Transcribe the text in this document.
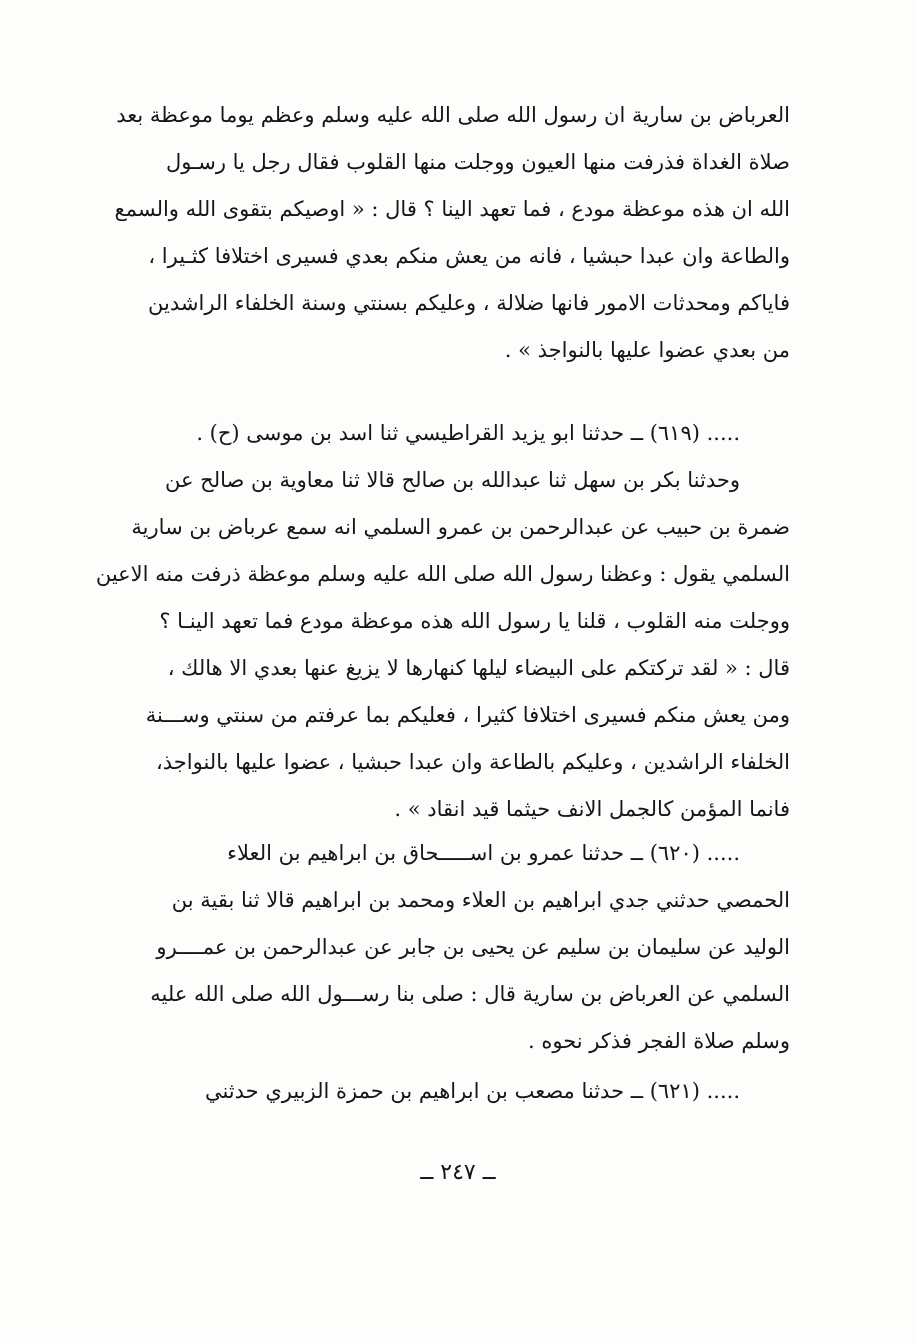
العرباض بن سارية ان رسول الله صلى الله عليه وسلم وعظم يوما موعظة بعد
صلاة الغداة فذرفت منها العيون ووجلت منها القلوب فقال رجل يا رسـول
الله ان هذه موعظة مودع ، فما تعهد الينا ؟ قال : « اوصيكم بتقوى الله والسمع
والطاعة وان عبدا حبشيا ، فانه من يعش منكم بعدي فسيرى اختلافا كثـيرا ،
فاياكم ومحدثات الامور فانها ضلالة ، وعليكم بسنتي وسنة الخلفاء الراشدين
من بعدي عضوا عليها بالنواجذ » .
..... (٦١٩) ــ حدثنا ابو يزيد القراطيسي ثنا اسد بن موسى (ح) .
وحدثنا بكر بن سهل ثنا عبدالله بن صالح قالا ثنا معاوية بن صالح عن
ضمرة بن حبيب عن عبدالرحمن بن عمرو السلمي انه سمع عرباض بن سارية
السلمي يقول : وعظنا رسول الله صلى الله عليه وسلم موعظة ذرفت منه الاعين
ووجلت منه القلوب ، قلنا يا رسول الله هذه موعظة مودع فما تعهد الينـا ؟
قال : « لقد تركتكم على البيضاء ليلها كنهارها لا يزيغ عنها بعدي الا هالك ،
ومن يعش منكم فسيرى اختلافا كثيرا ، فعليكم بما عرفتم من سنتي وســـنة
الخلفاء الراشدين ، وعليكم بالطاعة وان عبدا حبشيا ، عضوا عليها بالنواجذ،
فانما المؤمن كالجمل الانف حيثما قيد انقاد » .
..... (٦٢٠) ــ حدثنا عمرو بن اســـــحاق بن ابراهيم بن العلاء
الحمصي حدثني جدي ابراهيم بن العلاء ومحمد بن ابراهيم قالا ثنا بقية بن
الوليد عن سليمان بن سليم عن يحيى بن جابر عن عبدالرحمن بن عمــــرو
السلمي عن العرباض بن سارية قال : صلى بنا رســـول الله صلى الله عليه
وسلم صلاة الفجر فذكر نحوه .
..... (٦٢١) ــ حدثنا مصعب بن ابراهيم بن حمزة الزبيري حدثني
ــ ٢٤٧ ــ
